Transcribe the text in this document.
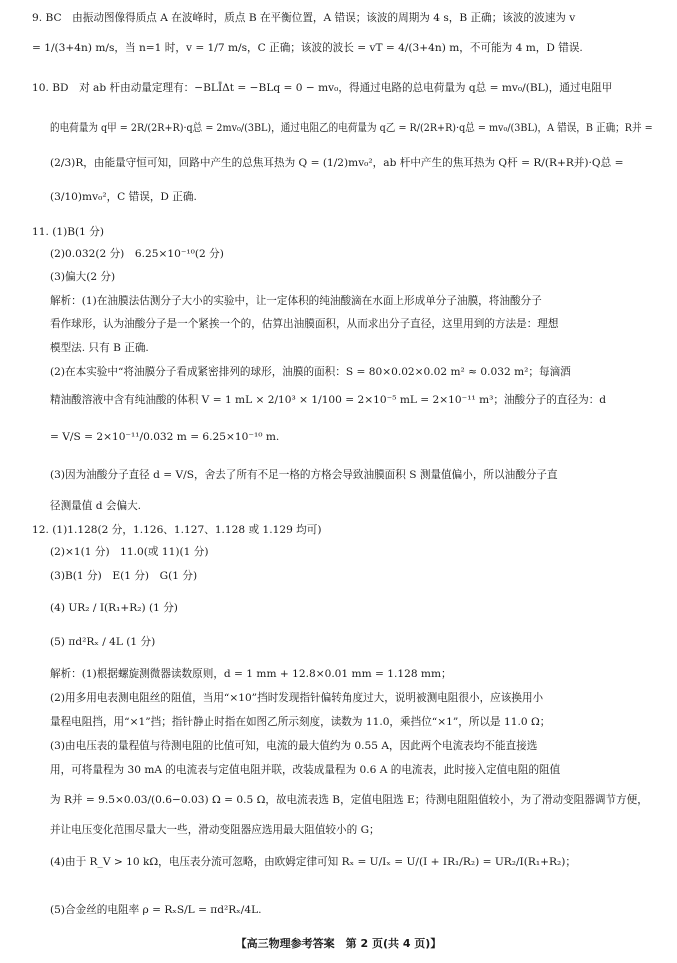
9. BC　由振动图像得质点 A 在波峰时，质点 B 在平衡位置，A 错误；该波的周期为 4 s，B 正确；该波的波速为 v
= 1/(3+4n) m/s，当 n=1 时，v = 1/7 m/s，C 正确；该波的波长 = vT = 4/(3+4n) m，不可能为 4 m，D 错误.
10. BD　对 ab 杆由动量定理有：−BLĪΔt = −BLq = 0 − mv₀，得通过电路的总电荷量为 q总 = mv₀/(BL)，通过电阻甲
的电荷量为 q甲 = 2R/(2R+R)·q总 = 2mv₀/(3BL)，通过电阻乙的电荷量为 q乙 = R/(2R+R)·q总 = mv₀/(3BL)，A 错误，B 正确；R并 =
(2/3)R，由能量守恒可知，回路中产生的总焦耳热为 Q = (1/2)mv₀²，ab 杆中产生的焦耳热为 Q杆 = R/(R+R并)·Q总 =
(3/10)mv₀²，C 错误，D 正确.
11. (1)B(1 分)
(2)0.032(2 分)　6.25×10⁻¹⁰(2 分)
(3)偏大(2 分)
解析：(1)在油膜法估测分子大小的实验中，让一定体积的纯油酸滴在水面上形成单分子油膜，将油酸分子
看作球形，认为油酸分子是一个紧挨一个的，估算出油膜面积，从而求出分子直径，这里用到的方法是：理想
模型法. 只有 B 正确.
(2)在本实验中“将油膜分子看成紧密排列的球形，油膜的面积：S = 80×0.02×0.02 m² ≈ 0.032 m²；每滴酒
精油酸溶液中含有纯油酸的体积 V = 1 mL × 2/10³ × 1/100 = 2×10⁻⁵ mL = 2×10⁻¹¹ m³；油酸分子的直径为：d
= V/S = 2×10⁻¹¹/0.032 m = 6.25×10⁻¹⁰ m.
(3)因为油酸分子直径 d = V/S，舍去了所有不足一格的方格会导致油膜面积 S 测量值偏小，所以油酸分子直
径测量值 d 会偏大.
12. (1)1.128(2 分，1.126、1.127、1.128 或 1.129 均可)
(2)×1(1 分)　11.0(或 11)(1 分)
(3)B(1 分)　E(1 分)　G(1 分)
(4) UR₂ / I(R₁+R₂) (1 分)
(5) πd²Rₓ / 4L (1 分)
解析：(1)根据螺旋测微器读数原则，d = 1 mm + 12.8×0.01 mm = 1.128 mm；
(2)用多用电表测电阻丝的阻值，当用“×10”挡时发现指针偏转角度过大，说明被测电阻很小，应该换用小
量程电阻挡，用“×1”挡；指针静止时指在如图乙所示刻度，读数为 11.0，乘挡位“×1”，所以是 11.0 Ω；
(3)由电压表的量程值与待测电阻的比值可知，电流的最大值约为 0.55 A，因此两个电流表均不能直接选
用，可将量程为 30 mA 的电流表与定值电阻并联，改装成量程为 0.6 A 的电流表，此时接入定值电阻的阻值
为 R并 = 9.5×0.03/(0.6−0.03) Ω = 0.5 Ω，故电流表选 B，定值电阻选 E；待测电阻阻值较小，为了滑动变阻器调节方便，
并让电压变化范围尽量大一些，滑动变阻器应选用最大阻值较小的 G；
(4)由于 R_V > 10 kΩ，电压表分流可忽略，由欧姆定律可知 Rₓ = U/Iₓ = U/(I + IR₁/R₂) = UR₂/I(R₁+R₂)；
(5)合金丝的电阻率 ρ = RₓS/L = πd²Rₓ/4L.
【高三物理参考答案　第 2 页(共 4 页)】
